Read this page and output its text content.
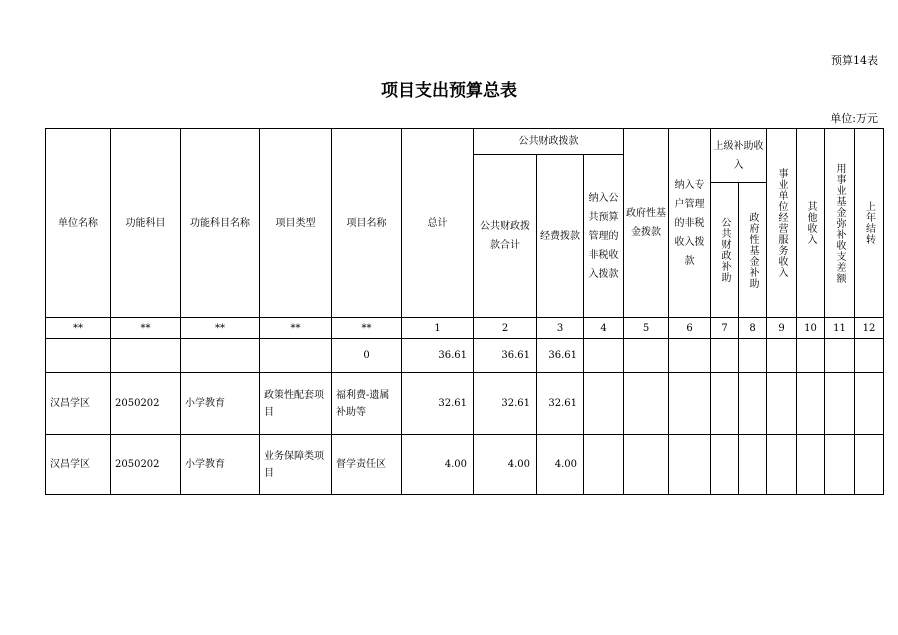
预算14表
项目支出预算总表
单位:万元
单位名称	功能科目	功能科目名称	项目类型	项目名称	总计	公共财政拨款			政府性基金拨款	纳入专户管理的非税收入拨款	上级补助收入		事业单位经营服务收入	其他收入	用事业基金弥补收支差额	上年结转

						公共财政拨款合计	经费拨款	纳入公共预算管理的非税收入拨款								

											公共财政补助	政府性基金补助				

**	**	**	**	**	1	2	3	4	5	6	7	8	9	10	11	12
				0	36.61	36.61	36.61									
汉昌学区	2050202	小学教育	政策性配套项目	福利费-遗属补助等	32.61	32.61	32.61									
汉昌学区	2050202	小学教育	业务保障类项目	督学责任区	4.00	4.00	4.00									
